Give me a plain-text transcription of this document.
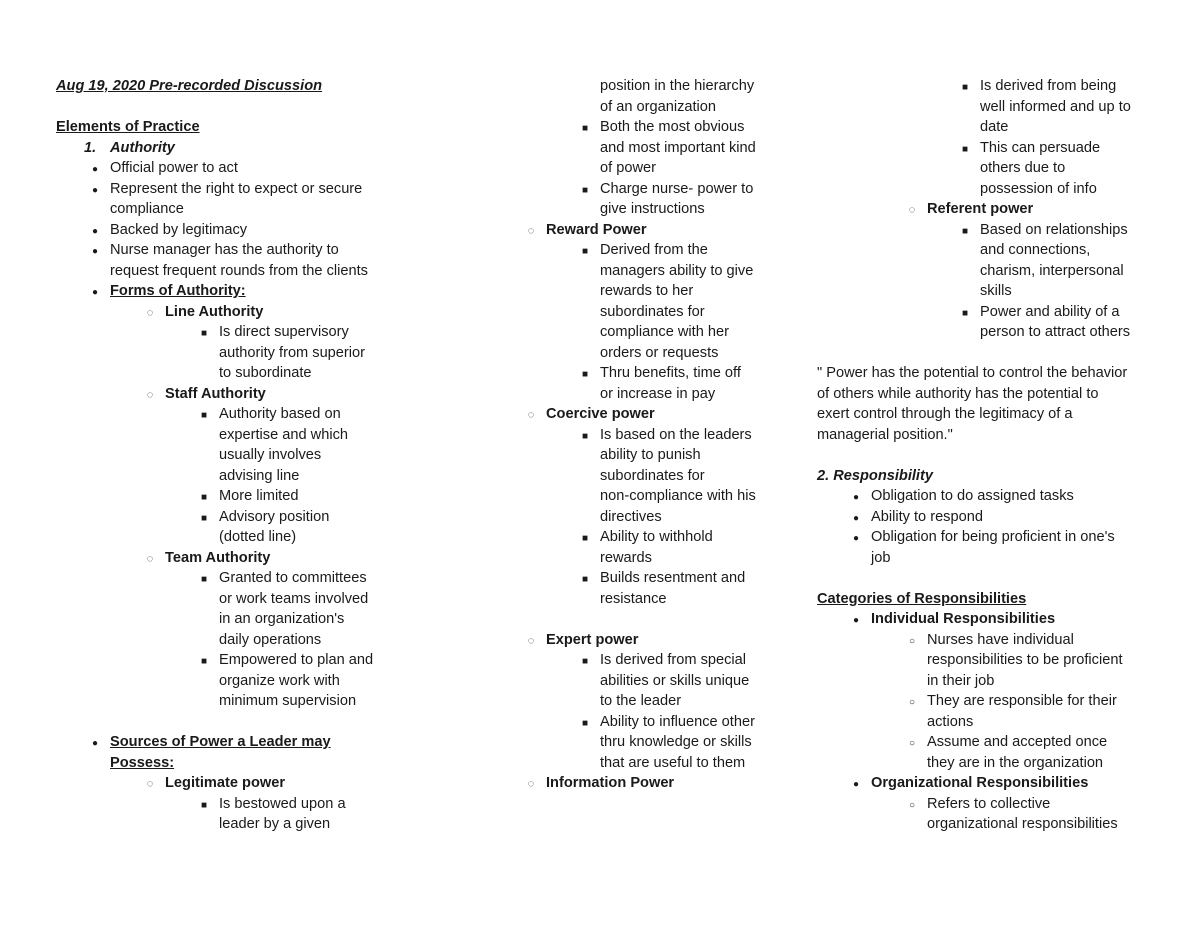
Aug 19, 2020 Pre-recorded Discussion
Elements of Practice
1. Authority
●
Official power to act
●
Represent the right to expect or secure
compliance
●
Backed by legitimacy
●
Nurse manager has the authority to
request frequent rounds from the clients
●
Forms of Authority:
◌
Line Authority
■
Is direct supervisory
authority from superior
to subordinate
◌
Staff Authority
■
Authority based on
expertise and which
usually involves
advising line
■
More limited
■
Advisory position
(dotted line)
◌
Team Authority
■
Granted to committees
or work teams involved
in an organization's
daily operations
■
Empowered to plan and
organize work with
minimum supervision
●
Sources of Power a Leader may
Possess:
◌
Legitimate power
■
Is bestowed upon a
leader by a given
position in the hierarchy
of an organization
■
Both the most obvious
and most important kind
of power
■
Charge nurse- power to
give instructions
◌
Reward Power
■
Derived from the
managers ability to give
rewards to her
subordinates for
compliance with her
orders or requests
■
Thru benefits, time off
or increase in pay
◌
Coercive power
■
Is based on the leaders
ability to punish
subordinates for
non-compliance with his
directives
■
Ability to withhold
rewards
■
Builds resentment and
resistance
◌
Expert power
■
Is derived from special
abilities or skills unique
to the leader
■
Ability to influence other
thru knowledge or skills
that are useful to them
◌
Information Power
■
Is derived from being
well informed and up to
date
■
This can persuade
others due to
possession of info
◌
Referent power
■
Based on relationships
and connections,
charism, interpersonal
skills
■
Power and ability of a
person to attract others
" Power has the potential to control the behavior
of others while authority has the potential to
exert control through the legitimacy of a
managerial position."
2. Responsibility
●
Obligation to do assigned tasks
●
Ability to respond
●
Obligation for being proficient in one's
job
Categories of Responsibilities
●
Individual Responsibilities
○
Nurses have individual
responsibilities to be proficient
in their job
○
They are responsible for their
actions
○
Assume and accepted once
they are in the organization
●
Organizational Responsibilities
○
Refers to collective
organizational responsibilities
